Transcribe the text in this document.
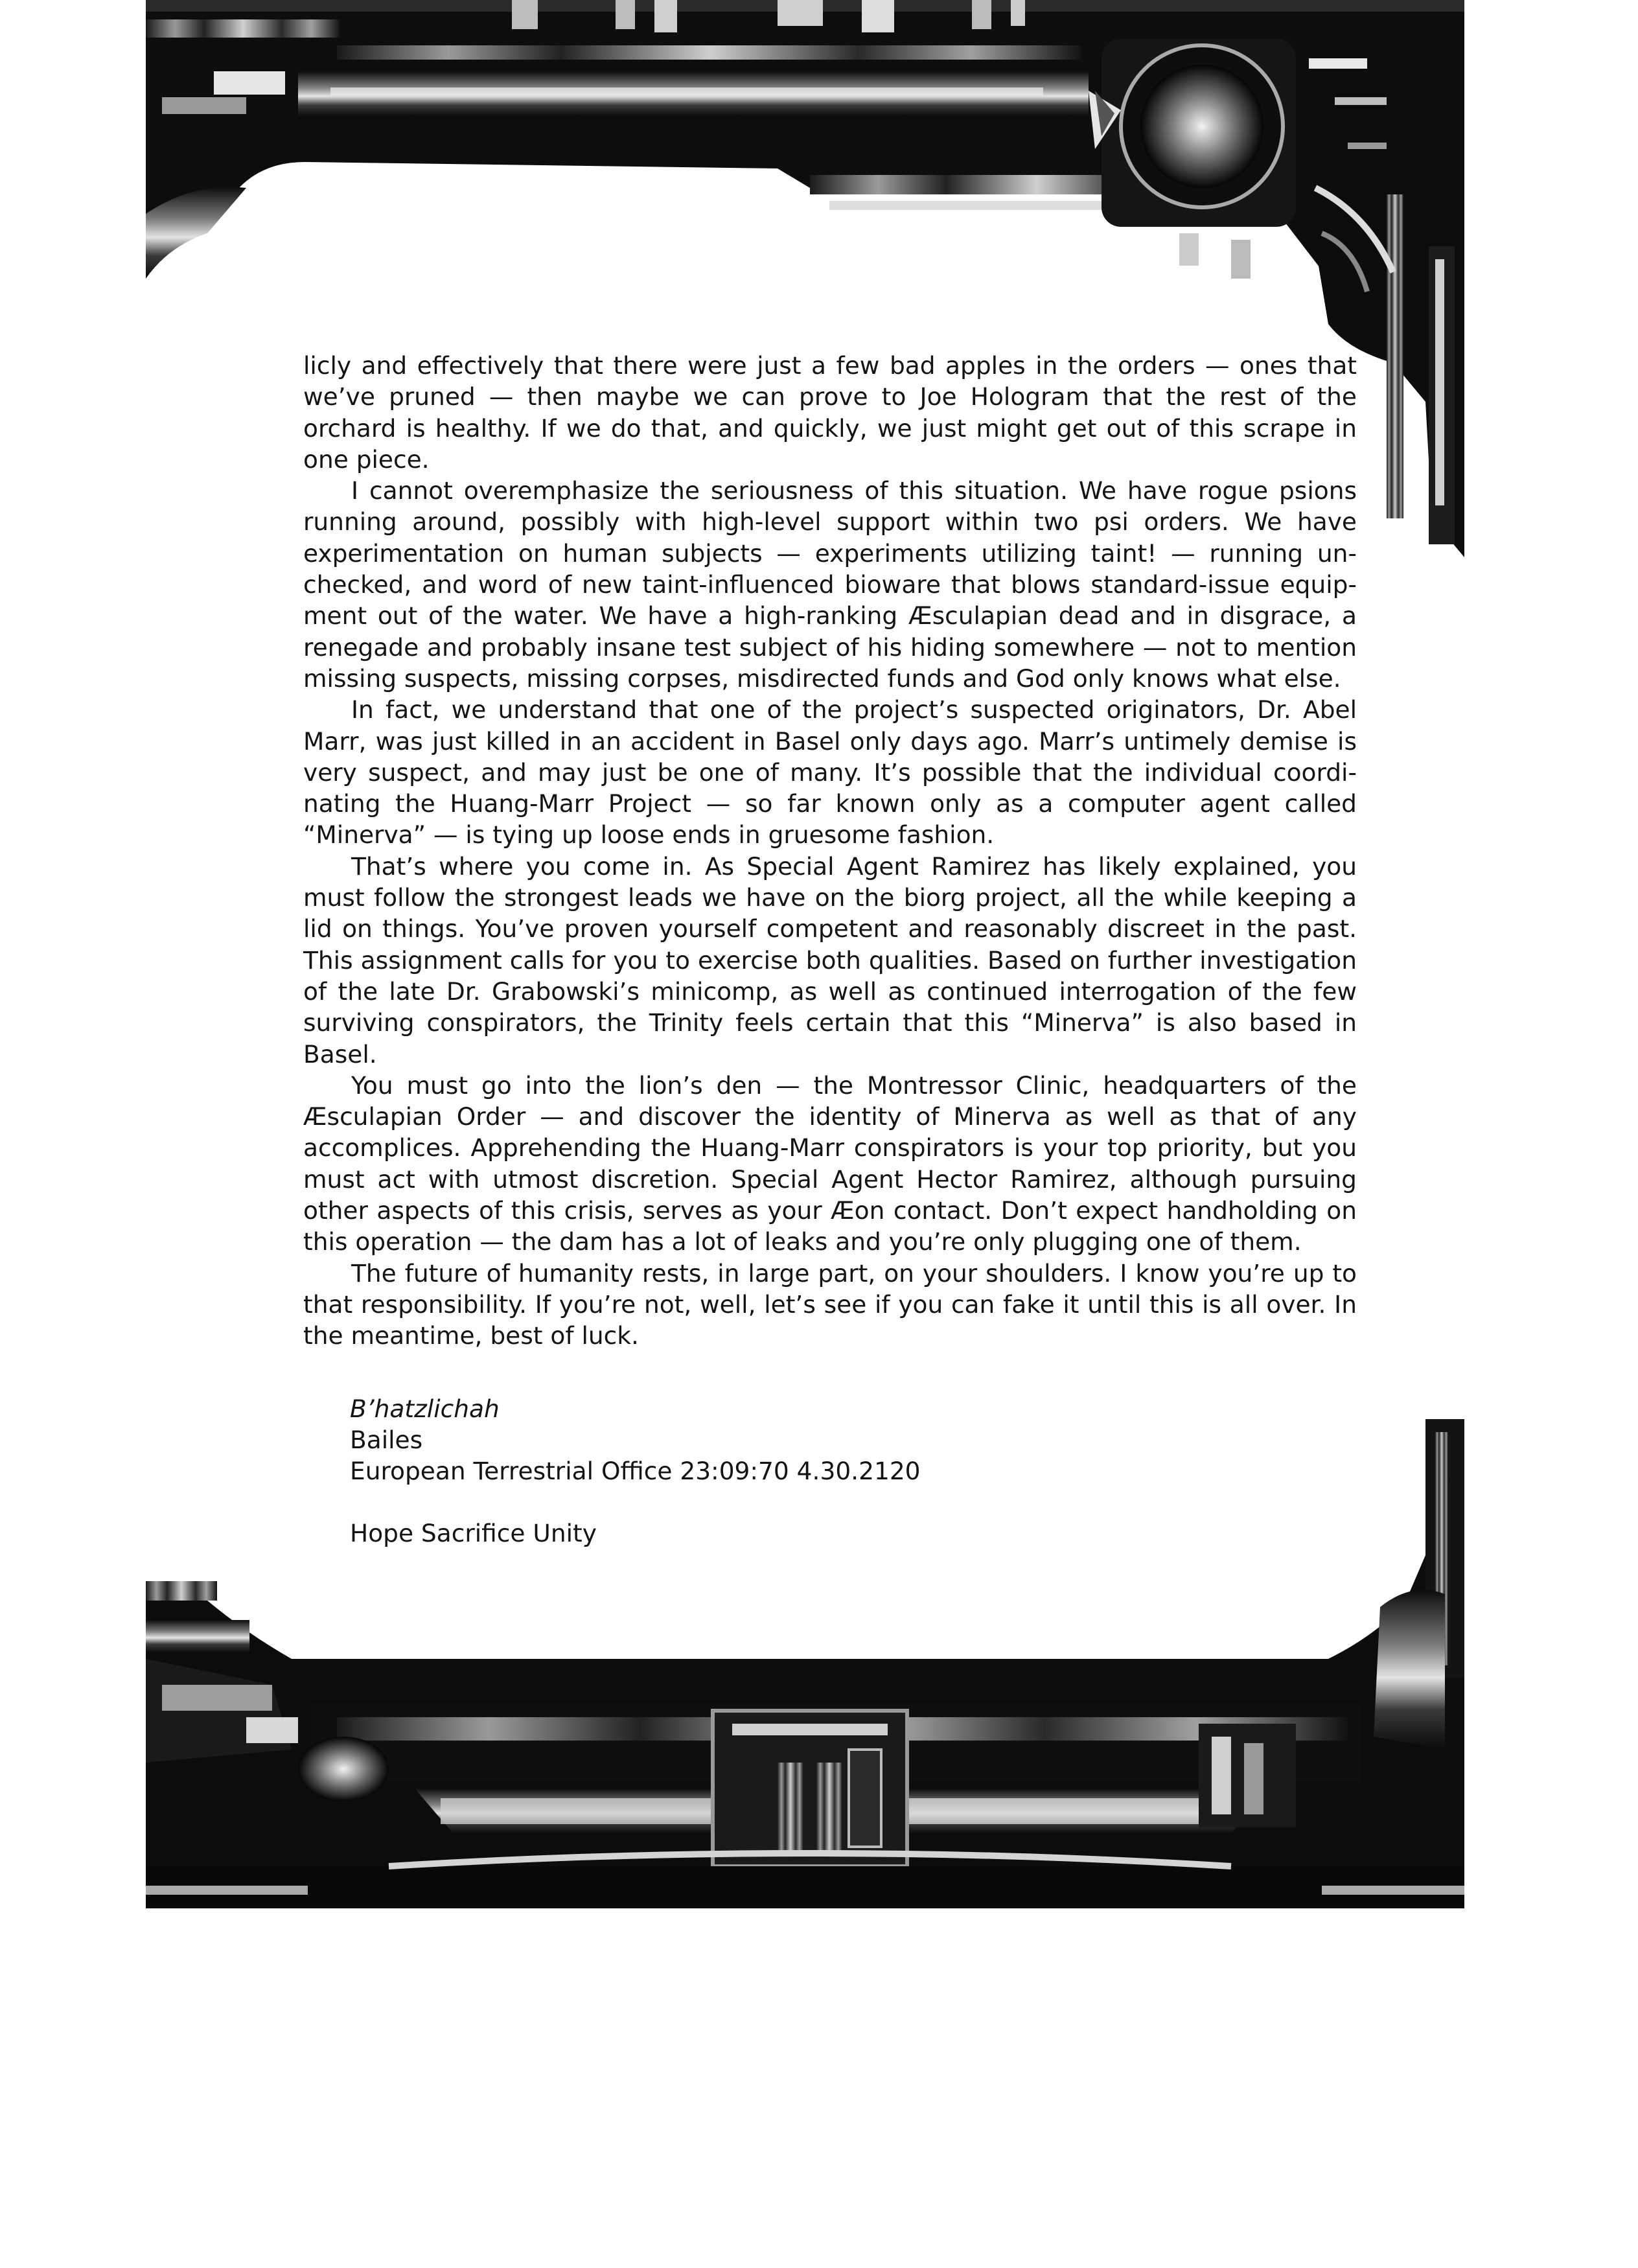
licly and effectively that there were just a few bad apples in the orders — ones that we’ve pruned — then maybe we can prove to Joe Hologram that the rest of the orchard is healthy. If we do that, and quickly, we just might get out of this scrape in one piece.

I cannot overemphasize the seriousness of this situation. We have rogue psions running around, possibly with high-level support within two psi orders. We have experimentation on human subjects — experiments utilizing taint! — running unchecked, and word of new taint-influenced bioware that blows standard-issue equipment out of the water. We have a high-ranking Æsculapian dead and in disgrace, a renegade and probably insane test subject of his hiding somewhere — not to mention missing suspects, missing corpses, misdirected funds and God only knows what else.

In fact, we understand that one of the project’s suspected originators, Dr. Abel Marr, was just killed in an accident in Basel only days ago. Marr’s untimely demise is very suspect, and may just be one of many. It’s possible that the individual coordinating the Huang-Marr Project — so far known only as a computer agent called “Minerva” — is tying up loose ends in gruesome fashion.

That’s where you come in. As Special Agent Ramirez has likely explained, you must follow the strongest leads we have on the biorg project, all the while keeping a lid on things. You’ve proven yourself competent and reasonably discreet in the past. This assignment calls for you to exercise both qualities. Based on further investigation of the late Dr. Grabowski’s minicomp, as well as continued interrogation of the few surviving conspirators, the Trinity feels certain that this “Minerva” is also based in Basel.

You must go into the lion’s den — the Montressor Clinic, headquarters of the Æsculapian Order — and discover the identity of Minerva as well as that of any accomplices. Apprehending the Huang-Marr conspirators is your top priority, but you must act with utmost discretion. Special Agent Hector Ramirez, although pursuing other aspects of this crisis, serves as your Æon contact. Don’t expect handholding on this operation — the dam has a lot of leaks and you’re only plugging one of them.

The future of humanity rests, in large part, on your shoulders. I know you’re up to that responsibility. If you’re not, well, let’s see if you can fake it until this is all over. In the meantime, best of luck.

B’hatzlichah
Bailes
European Terrestrial Office 23:09:70 4.30.2120
Hope Sacrifice Unity
